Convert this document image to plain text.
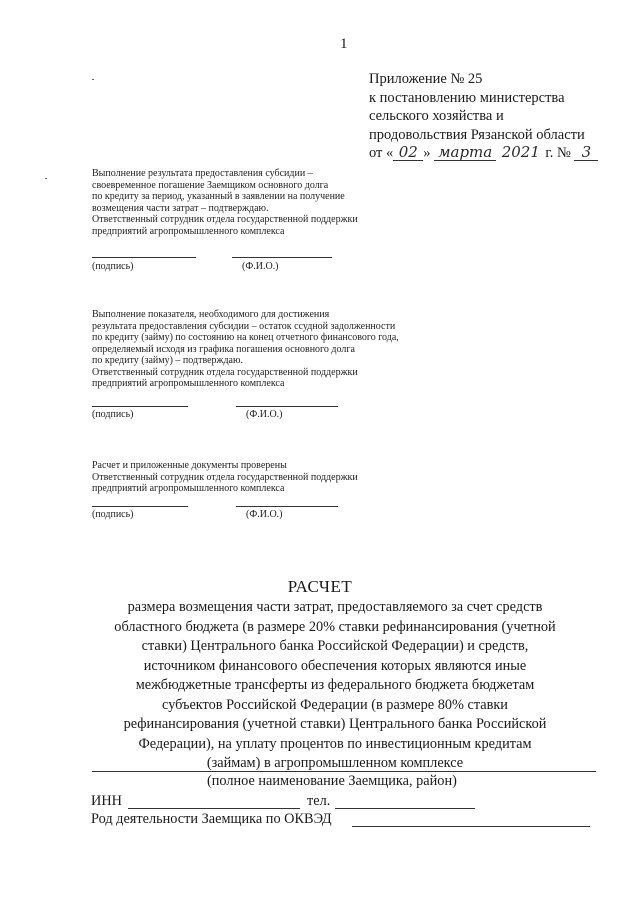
1
Приложение № 25
к постановлению министерства
сельского хозяйства и
продовольствия Рязанской области
от « 02 » марта 2021 г. № 3
Выполнение результата предоставления субсидии –
своевременное погашение Заемщиком основного долга
по кредиту за период, указанный в заявлении на получение
возмещения части затрат – подтверждаю.
Ответственный сотрудник отдела государственной поддержки
предприятий агропромышленного комплекса
(подпись)	(Ф.И.О.)
Выполнение показателя, необходимого для достижения
результата предоставления субсидии – остаток ссудной задолженности
по кредиту (займу) по состоянию на конец отчетного финансового года,
определяемый исходя из графика погашения основного долга
по кредиту (займу) – подтверждаю.
Ответственный сотрудник отдела государственной поддержки
предприятий агропромышленного комплекса
(подпись)	(Ф.И.О.)
Расчет и приложенные документы проверены
Ответственный сотрудник отдела государственной поддержки
предприятий агропромышленного комплекса
(подпись)	(Ф.И.О.)
РАСЧЕТ
размера возмещения части затрат, предоставляемого за счет средств областного бюджета (в размере 20% ставки рефинансирования (учетной ставки) Центрального банка Российской Федерации) и средств, источником финансового обеспечения которых являются иные межбюджетные трансферты из федерального бюджета бюджетам субъектов Российской Федерации (в размере 80% ставки рефинансирования (учетной ставки) Центрального банка Российской Федерации), на уплату процентов по инвестиционным кредитам (займам) в агропромышленном комплексе
(полное наименование Заемщика, район)
ИНН	тел.
Род деятельности Заемщика по ОКВЭД
